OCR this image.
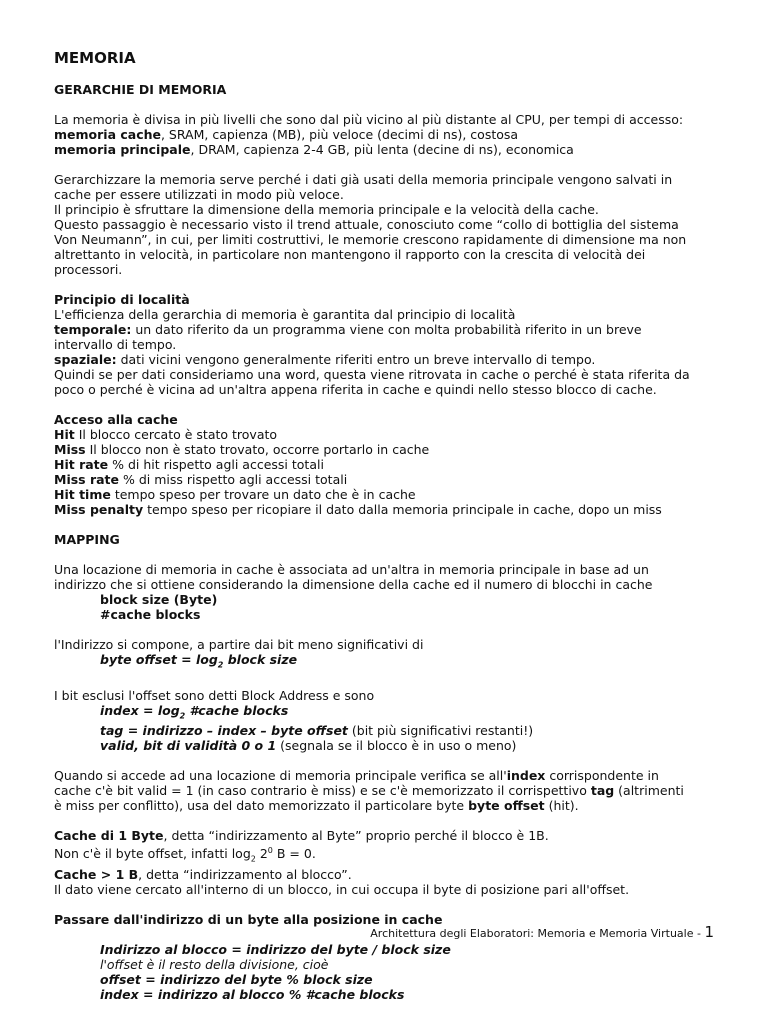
MEMORIA
GERARCHIE DI MEMORIA
La memoria è divisa in più livelli che sono dal più vicino al più distante al CPU, per tempi di accesso:
memoria cache, SRAM, capienza (MB), più veloce (decimi di ns), costosa
memoria principale, DRAM, capienza 2-4 GB, più lenta (decine di ns), economica
Gerarchizzare la memoria serve perché i dati già usati della memoria principale vengono salvati in
cache per essere utilizzati in modo più veloce.
Il principio è sfruttare la dimensione della memoria principale e la velocità della cache.
Questo passaggio è necessario visto il trend attuale, conosciuto come “collo di bottiglia del sistema
Von Neumann”, in cui, per limiti costruttivi, le memorie crescono rapidamente di dimensione ma non
altrettanto in velocità, in particolare non mantengono il rapporto con la crescita di velocità dei
processori.
Principio di località
L'efficienza della gerarchia di memoria è garantita dal principio di località
temporale: un dato riferito da un programma viene con molta probabilità riferito in un breve
intervallo di tempo.
spaziale: dati vicini vengono generalmente riferiti entro un breve intervallo di tempo.
Quindi se per dati consideriamo una word, questa viene ritrovata in cache o perché è stata riferita da
poco o perché è vicina ad un'altra appena riferita in cache e quindi nello stesso blocco di cache.
Acceso alla cache
Hit Il blocco cercato è stato trovato
Miss Il blocco non è stato trovato, occorre portarlo in cache
Hit rate % di hit rispetto agli accessi totali
Miss rate % di miss rispetto agli accessi totali
Hit time tempo speso per trovare un dato che è in cache
Miss penalty tempo speso per ricopiare il dato dalla memoria principale in cache, dopo un miss
MAPPING
Una locazione di memoria in cache è associata ad un'altra in memoria principale in base ad un
indirizzo che si ottiene considerando la dimensione della cache ed il numero di blocchi in cache
block size (Byte)
#cache blocks
l'Indirizzo si compone, a partire dai bit meno significativi di
byte offset = $\log_2$ block size
I bit esclusi l'offset sono detti Block Address e sono
index = $\log_2$ #cache blocks
tag = indirizzo – index – byte offset (bit più significativi restanti!)
valid, bit di validità 0 o 1 (segnala se il blocco è in uso o meno)
Quando si accede ad una locazione di memoria principale verifica se all'index corrispondente in
cache c'è bit valid = 1 (in caso contrario è miss) e se c'è memorizzato il corrispettivo tag (altrimenti
è miss per conflitto), usa del dato memorizzato il particolare byte byte offset (hit).
Cache di 1 Byte, detta “indirizzamento al Byte” proprio perché il blocco è 1B.
Non c'è il byte offset, infatti $\log_2 2^0$ B = 0.
Cache > 1 B, detta “indirizzamento al blocco”.
Il dato viene cercato all'interno di un blocco, in cui occupa il byte di posizione pari all'offset.
Passare dall'indirizzo di un byte alla posizione in cache
Indirizzo al blocco = indirizzo del byte / block size
l'offset è il resto della divisione, cioè
offset = indirizzo del byte % block size
index = indirizzo al blocco % #cache blocks
Architettura degli Elaboratori: Memoria e Memoria Virtuale - 1
